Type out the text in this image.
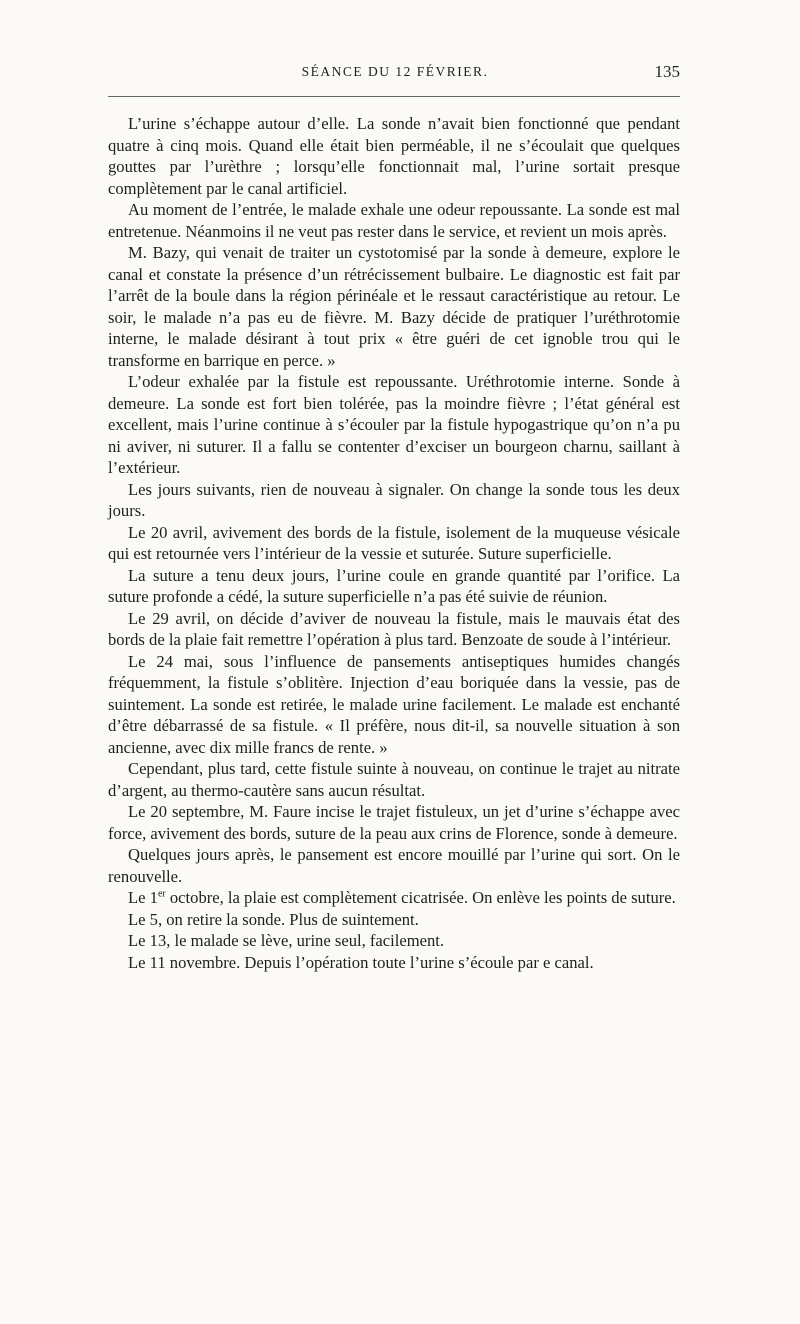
SÉANCE DU 12 FÉVRIER.	135

L’urine s’échappe autour d’elle. La sonde n’avait bien fonctionné que pendant quatre à cinq mois. Quand elle était bien perméable, il ne s’écoulait que quelques gouttes par l’urèthre ; lorsqu’elle fonctionnait mal, l’urine sortait presque complètement par le canal artificiel.

Au moment de l’entrée, le malade exhale une odeur repoussante. La sonde est mal entretenue. Néanmoins il ne veut pas rester dans le service, et revient un mois après.

M. Bazy, qui venait de traiter un cystotomisé par la sonde à demeure, explore le canal et constate la présence d’un rétrécissement bulbaire. Le diagnostic est fait par l’arrêt de la boule dans la région périnéale et le ressaut caractéristique au retour. Le soir, le malade n’a pas eu de fièvre. M. Bazy décide de pratiquer l’uréthrotomie interne, le malade désirant à tout prix « être guéri de cet ignoble trou qui le transforme en barrique en perce. »

L’odeur exhalée par la fistule est repoussante. Uréthrotomie interne. Sonde à demeure. La sonde est fort bien tolérée, pas la moindre fièvre ; l’état général est excellent, mais l’urine continue à s’écouler par la fistule hypogastrique qu’on n’a pu ni aviver, ni suturer. Il a fallu se contenter d’exciser un bourgeon charnu, saillant à l’extérieur.

Les jours suivants, rien de nouveau à signaler. On change la sonde tous les deux jours.

Le 20 avril, avivement des bords de la fistule, isolement de la muqueuse vésicale qui est retournée vers l’intérieur de la vessie et suturée. Suture superficielle.

La suture a tenu deux jours, l’urine coule en grande quantité par l’orifice. La suture profonde a cédé, la suture superficielle n’a pas été suivie de réunion.

Le 29 avril, on décide d’aviver de nouveau la fistule, mais le mauvais état des bords de la plaie fait remettre l’opération à plus tard. Benzoate de soude à l’intérieur.

Le 24 mai, sous l’influence de pansements antiseptiques humides changés fréquemment, la fistule s’oblitère. Injection d’eau boriquée dans la vessie, pas de suintement. La sonde est retirée, le malade urine facilement. Le malade est enchanté d’être débarrassé de sa fistule. « Il préfère, nous dit-il, sa nouvelle situation à son ancienne, avec dix mille francs de rente. »

Cependant, plus tard, cette fistule suinte à nouveau, on continue le trajet au nitrate d’argent, au thermo-cautère sans aucun résultat.

Le 20 septembre, M. Faure incise le trajet fistuleux, un jet d’urine s’échappe avec force, avivement des bords, suture de la peau aux crins de Florence, sonde à demeure.

Quelques jours après, le pansement est encore mouillé par l’urine qui sort. On le renouvelle.

Le 1er octobre, la plaie est complètement cicatrisée. On enlève les points de suture.

Le 5, on retire la sonde. Plus de suintement.

Le 13, le malade se lève, urine seul, facilement.

Le 11 novembre. Depuis l’opération toute l’urine s’écoule par e canal.
